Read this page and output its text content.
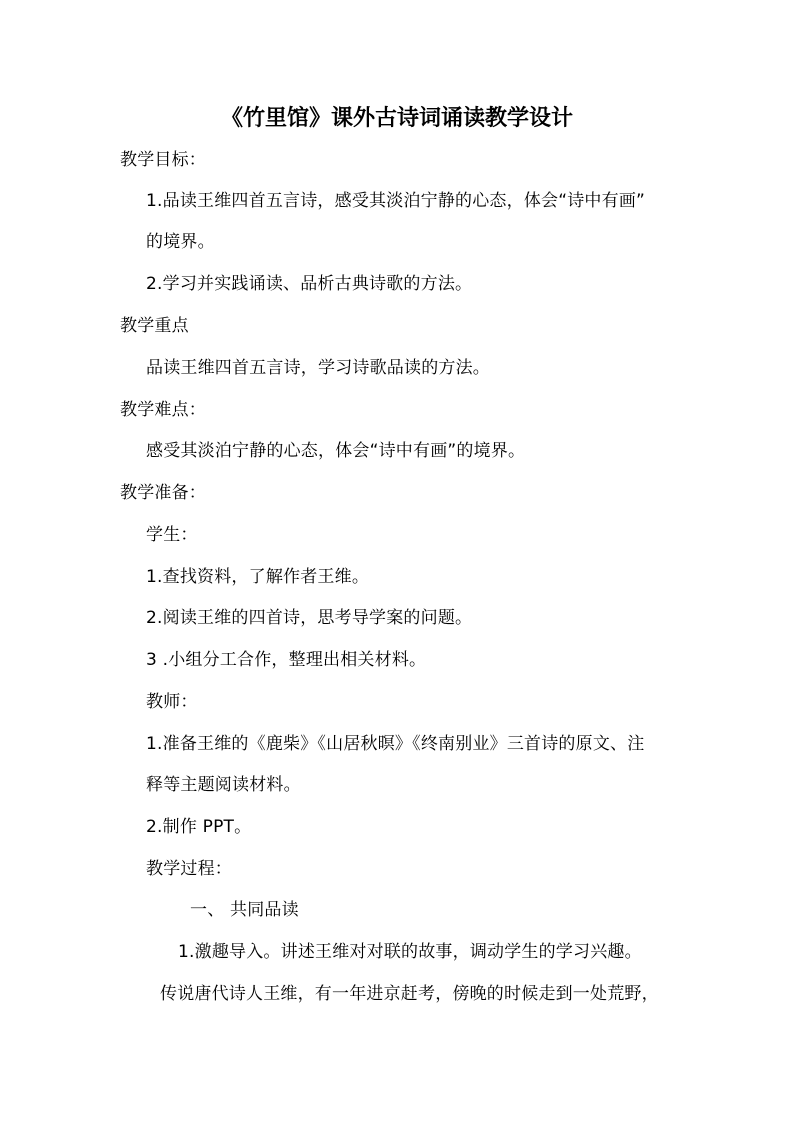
《竹里馆》课外古诗词诵读教学设计
教学目标：
1.品读王维四首五言诗，感受其淡泊宁静的心态，体会“诗中有画”
的境界。
2.学习并实践诵读、品析古典诗歌的方法。
教学重点
品读王维四首五言诗，学习诗歌品读的方法。
教学难点：
感受其淡泊宁静的心态，体会“诗中有画”的境界。
教学准备：
学生：
1.查找资料，了解作者王维。
2.阅读王维的四首诗，思考导学案的问题。
3 .小组分工合作，整理出相关材料。
教师：
1.准备王维的《鹿柴》《山居秋暝》《终南别业》三首诗的原文、注
释等主题阅读材料。
2.制作 PPT。
教学过程：
一、 共同品读
1.激趣导入。讲述王维对对联的故事，调动学生的学习兴趣。
传说唐代诗人王维，有一年进京赶考，傍晚的时候走到一处荒野，
